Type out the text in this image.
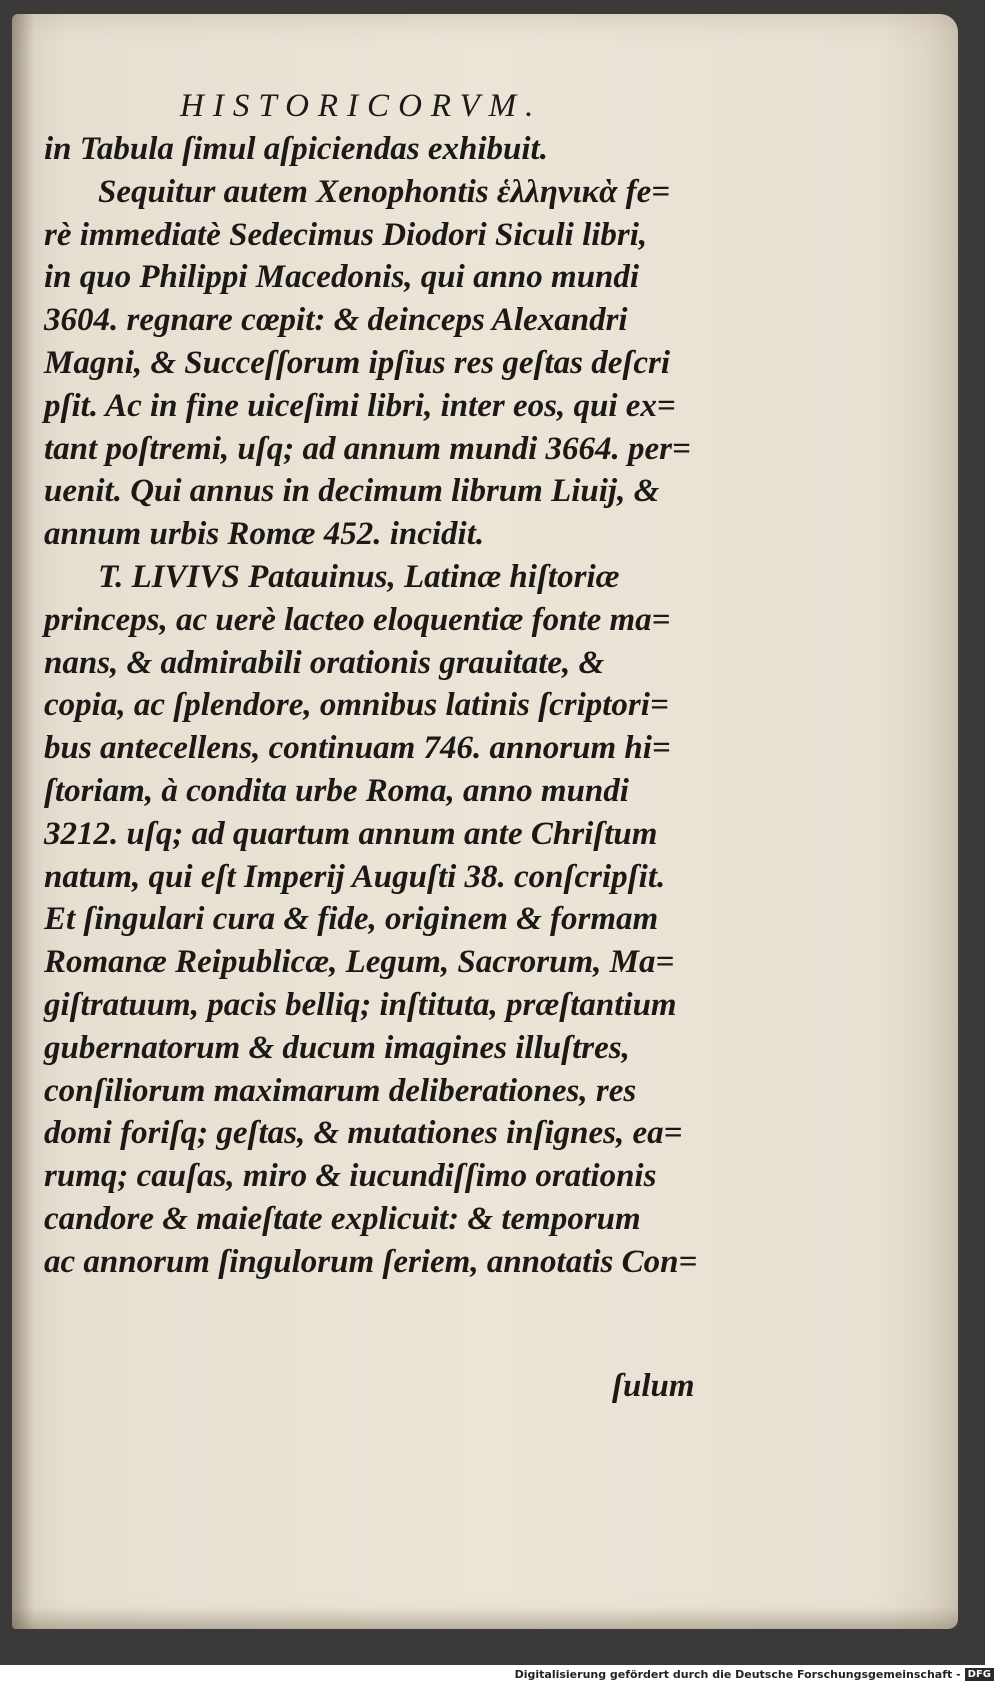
HISTORICORVM.
in Tabula ſimul aſpiciendas exhibuit.
Sequitur autem Xenophontis ἑλληνικὰ fe=
rè immediatè Sedecimus Diodori Siculi libri,
in quo Philippi Macedonis, qui anno mundi
3604. regnare cœpit: & deinceps Alexandri
Magni, & Succeſſorum ipſius res geſtas deſcri
pſit. Ac in fine uiceſimi libri, inter eos, qui ex=
tant poſtremi, uſq; ad annum mundi 3664. per=
uenit. Qui annus in decimum librum Liuij, &
annum urbis Romæ 452. incidit.
T. LIVIVS Patauinus, Latinæ hiſtoriæ
princeps, ac uerè lacteo eloquentiæ fonte ma=
nans, & admirabili orationis grauitate, &
copia, ac ſplendore, omnibus latinis ſcriptori=
bus antecellens, continuam 746. annorum hi=
ſtoriam, à condita urbe Roma, anno mundi
3212. uſq; ad quartum annum ante Chriſtum
natum, qui eſt Imperij Auguſti 38. conſcripſit.
Et ſingulari cura & fide, originem & formam
Romanæ Reipublicæ, Legum, Sacrorum, Ma=
giſtratuum, pacis belliq; inſtituta, præſtantium
gubernatorum & ducum imagines illuſtres,
conſiliorum maximarum deliberationes, res
domi foriſq; geſtas, & mutationes inſignes, ea=
rumq; cauſas, miro & iucundiſſimo orationis
candore & maieſtate explicuit: & temporum
ac annorum ſingulorum ſeriem, annotatis Con=
ſulum
Digitalisierung gefördert durch die Deutsche Forschungsgemeinschaft - DFG
